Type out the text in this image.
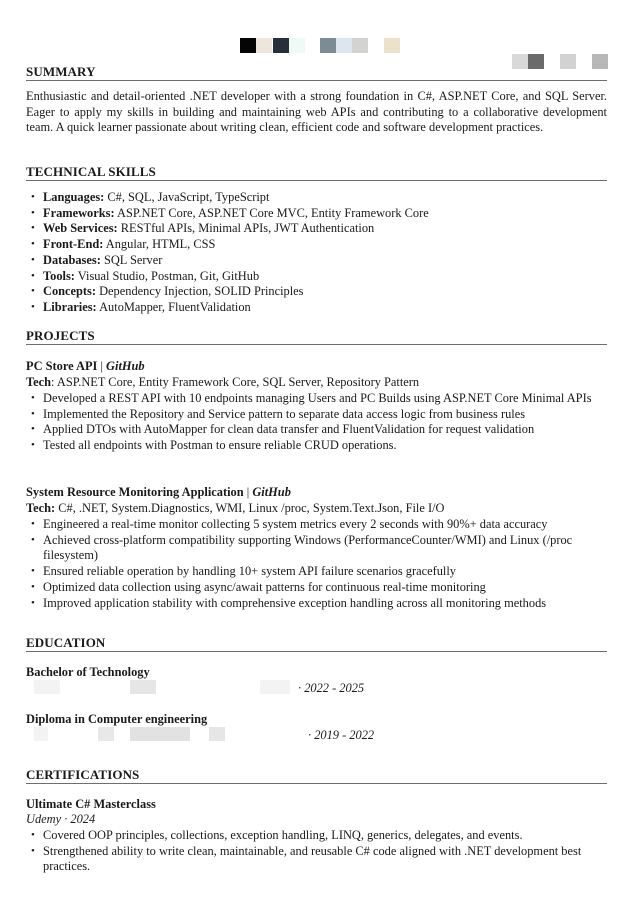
SUMMARY
Enthusiastic and detail-oriented .NET developer with a strong foundation in C#, ASP.NET Core, and SQL Server. Eager to apply my skills in building and maintaining web APIs and contributing to a collaborative development team. A quick learner passionate about writing clean, efficient code and software development practices.
TECHNICAL SKILLS
• Languages: C#, SQL, JavaScript, TypeScript
• Frameworks: ASP.NET Core, ASP.NET Core MVC, Entity Framework Core
• Web Services: RESTful APIs, Minimal APIs, JWT Authentication
• Front-End: Angular, HTML, CSS
• Databases: SQL Server
• Tools: Visual Studio, Postman, Git, GitHub
• Concepts: Dependency Injection, SOLID Principles
• Libraries: AutoMapper, FluentValidation
PROJECTS
PC Store API | GitHub
Tech: ASP.NET Core, Entity Framework Core, SQL Server, Repository Pattern
• Developed a REST API with 10 endpoints managing Users and PC Builds using ASP.NET Core Minimal APIs
• Implemented the Repository and Service pattern to separate data access logic from business rules
• Applied DTOs with AutoMapper for clean data transfer and FluentValidation for request validation
• Tested all endpoints with Postman to ensure reliable CRUD operations.
System Resource Monitoring Application | GitHub
Tech: C#, .NET, System.Diagnostics, WMI, Linux /proc, System.Text.Json, File I/O
• Engineered a real-time monitor collecting 5 system metrics every 2 seconds with 90%+ data accuracy
• Achieved cross-platform compatibility supporting Windows (PerformanceCounter/WMI) and Linux (/proc filesystem)
• Ensured reliable operation by handling 10+ system API failure scenarios gracefully
• Optimized data collection using async/await patterns for continuous real-time monitoring
• Improved application stability with comprehensive exception handling across all monitoring methods
EDUCATION
Bachelor of Technology
· 2022 - 2025
Diploma in Computer engineering
· 2019 - 2022
CERTIFICATIONS
Ultimate C# Masterclass
Udemy · 2024
• Covered OOP principles, collections, exception handling, LINQ, generics, delegates, and events.
• Strengthened ability to write clean, maintainable, and reusable C# code aligned with .NET development best practices.
